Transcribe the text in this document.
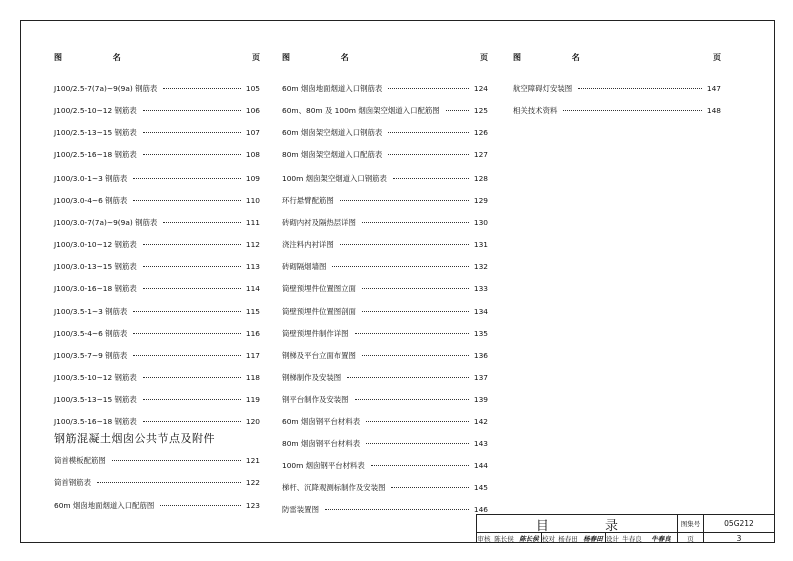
图 名	页
J100/2.5-7(7a)~9(9a) 钢筋表	105
J100/2.5-10~12 钢筋表	106
J100/2.5-13~15 钢筋表	107
J100/2.5-16~18 钢筋表	108
J100/3.0-1~3 钢筋表	109
J100/3.0-4~6 钢筋表	110
J100/3.0-7(7a)~9(9a) 钢筋表	111
J100/3.0-10~12 钢筋表	112
J100/3.0-13~15 钢筋表	113
J100/3.0-16~18 钢筋表	114
J100/3.5-1~3 钢筋表	115
J100/3.5-4~6 钢筋表	116
J100/3.5-7~9 钢筋表	117
J100/3.5-10~12 钢筋表	118
J100/3.5-13~15 钢筋表	119
J100/3.5-16~18 钢筋表	120
钢筋混凝土烟囱公共节点及附件
筒首模板配筋图	121
筒首钢筋表	122
60m 烟囱地面烟道入口配筋图	123
图 名	页
60m 烟囱地面烟道入口钢筋表	124
60m、80m 及 100m 烟囱架空烟道入口配筋图	125
60m 烟囱架空烟道入口钢筋表	126
80m 烟囱架空烟道入口配筋表	127
100m 烟囱架空烟道入口钢筋表	128
环行悬臂配筋图	129
砖砌内衬及隔热层详图	130
浇注料内衬详图	131
砖砌隔烟墙图	132
筒壁预埋件位置图立面	133
筒壁预埋件位置图剖面	134
筒壁预埋件制作详图	135
钢梯及平台立面布置图	136
钢梯制作及安装图	137
钢平台制作及安装图	139
60m 烟囱钢平台材料表	142
80m 烟囱钢平台材料表	143
100m 烟囱钢平台材料表	144
梯杆、沉降观测标制作及安装图	145
防雷装置图	146
图 名	页
航空障碍灯安装图	147
相关技术资料	148
目 录	图集号	05G212
审核 陈长侯 陈长侯 校对 杨春田 杨春田 设计 牛春良	牛春良	页	3
